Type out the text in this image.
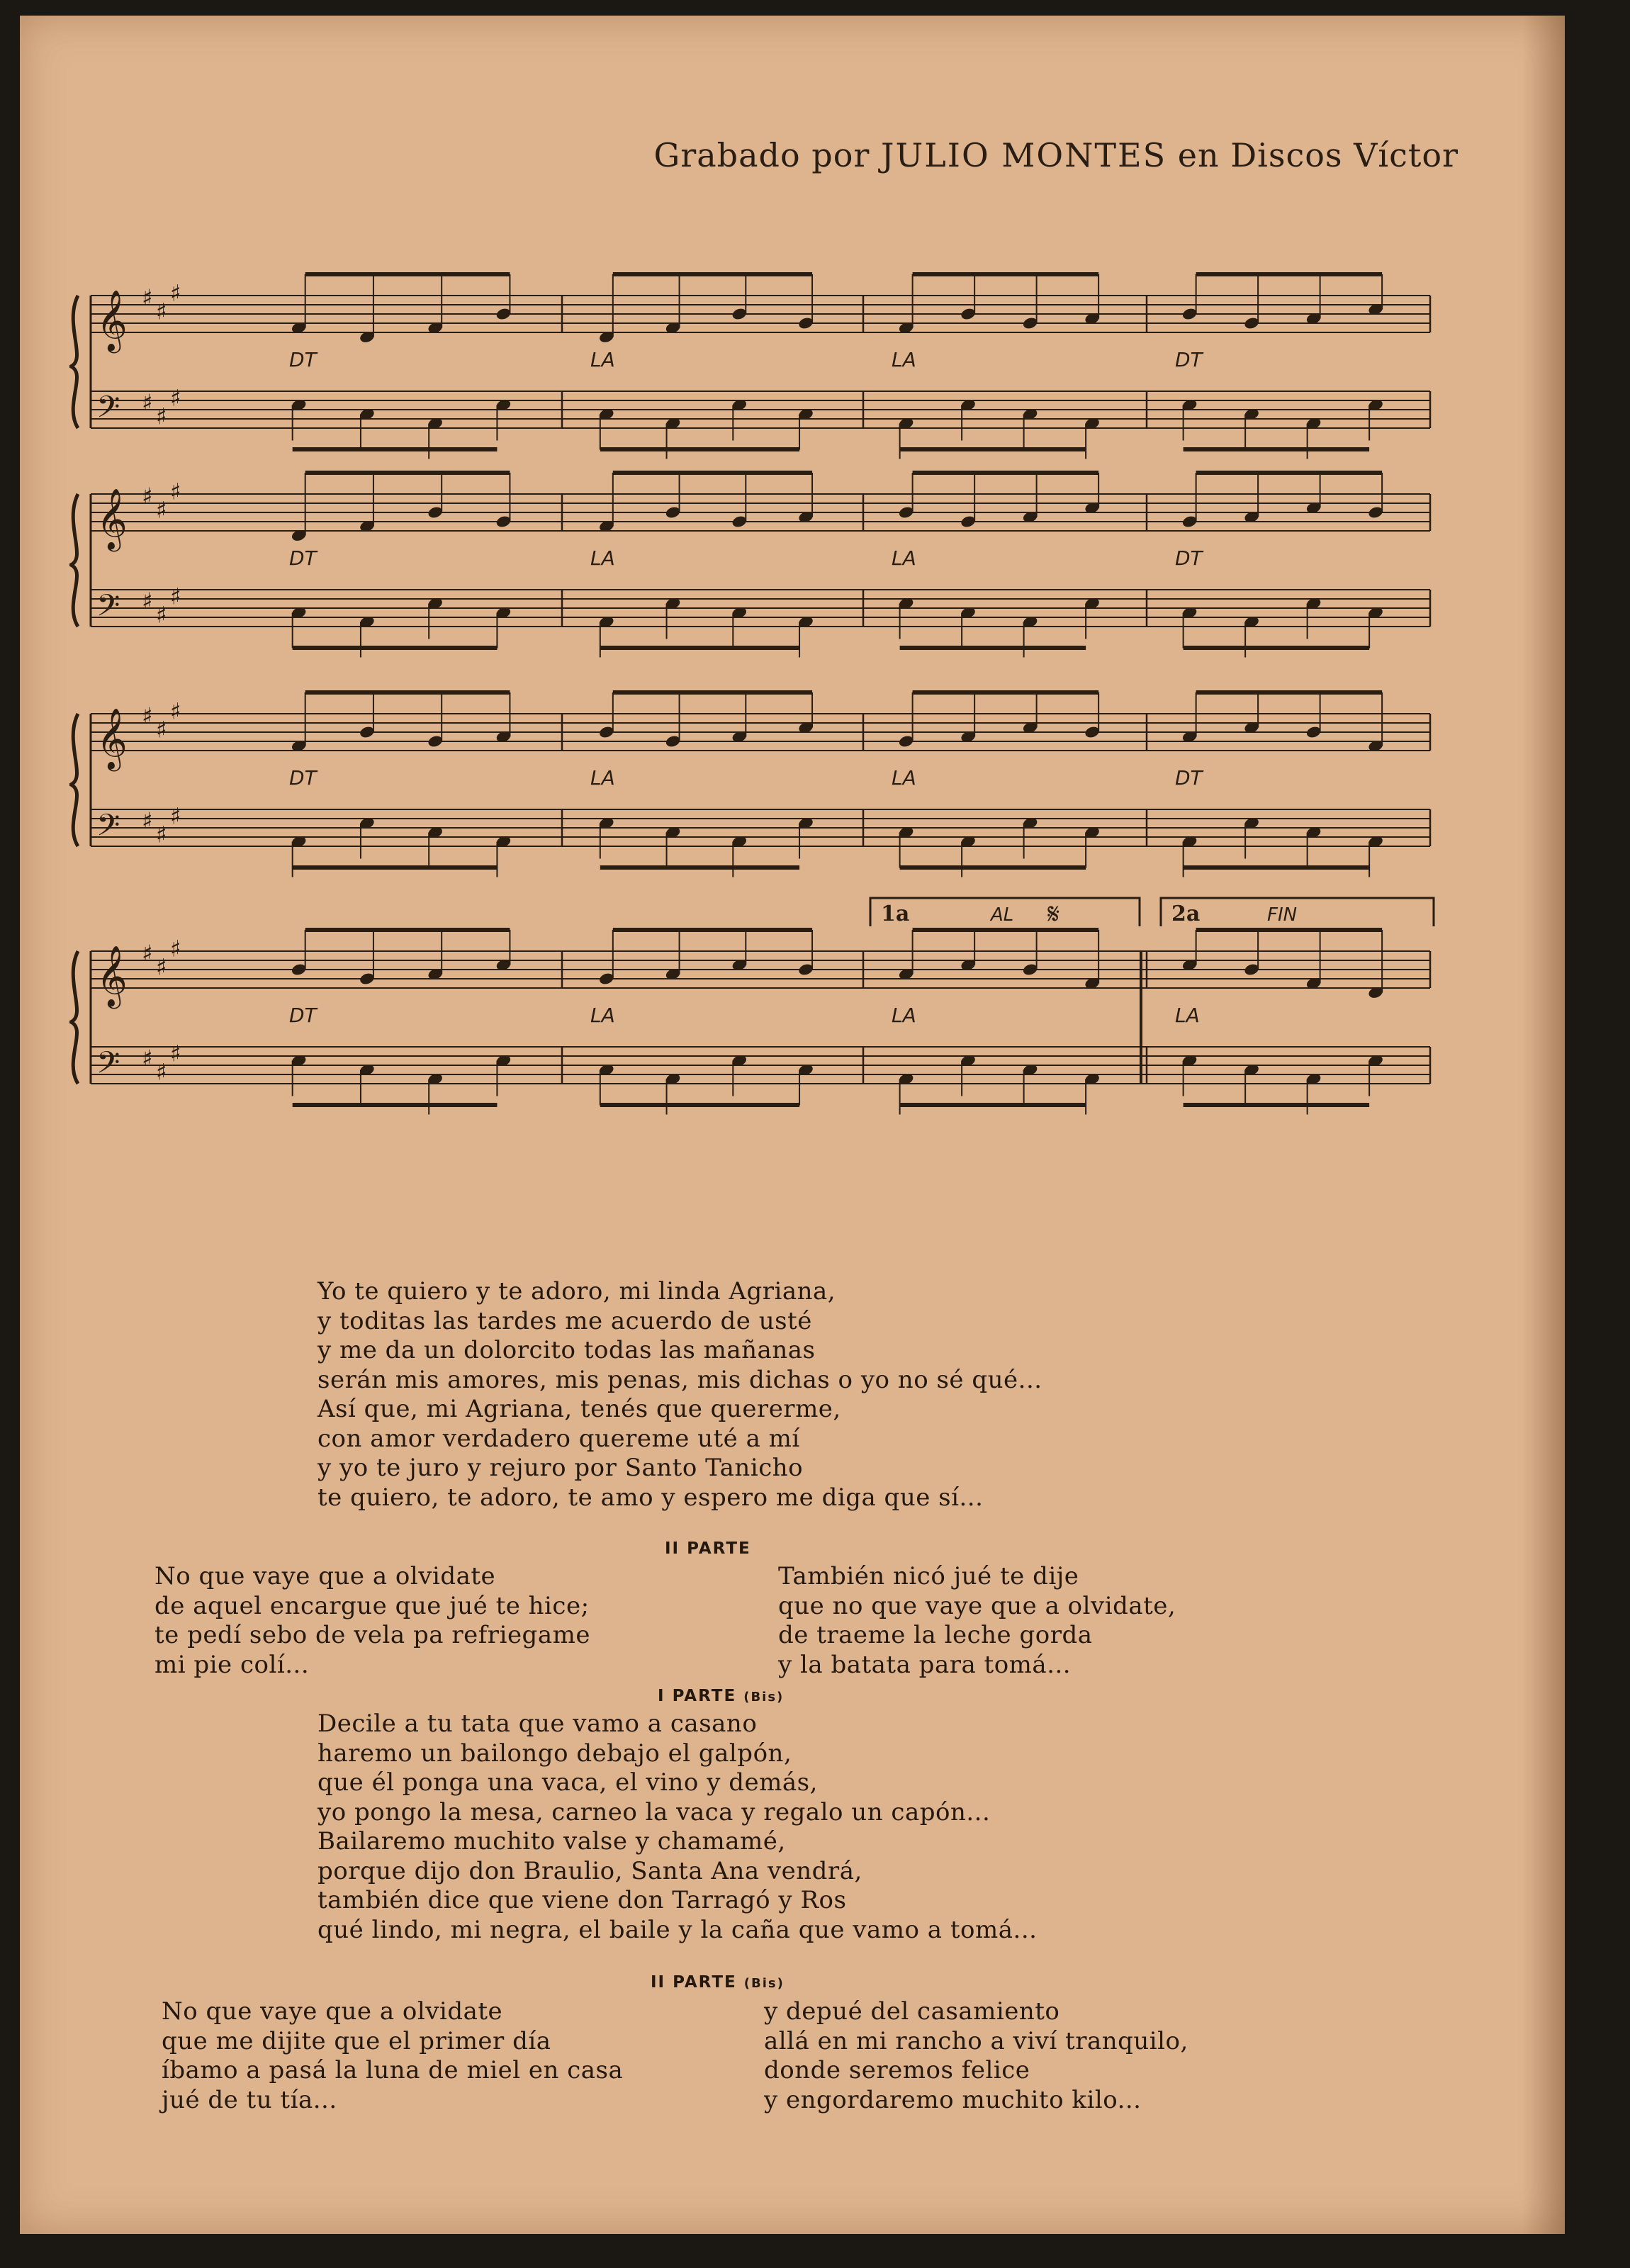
Grabado por JULIO MONTES en Discos Víctor
𝄞 ♯
♯
♯
𝄢 ♯
♯
♯
DT	LA	LA	DT
𝄞 ♯
♯
♯
𝄢 ♯
♯
♯
DT	LA	LA	DT
𝄞 ♯
♯
♯
𝄢 ♯
♯
♯
DT	LA	LA	DT
𝄞 ♯
♯
♯
𝄢 ♯
♯
♯
DT	LA	LA	LA
1a	AL 𝄋	2a	FIN
Yo te quiero y te adoro, mi linda Agriana,
y toditas las tardes me acuerdo de usté
y me da un dolorcito todas las mañanas
serán mis amores, mis penas, mis dichas o yo no sé qué...
Así que, mi Agriana, tenés que quererme,
con amor verdadero quereme uté a mí
y yo te juro y rejuro por Santo Tanicho
te quiero, te adoro, te amo y espero me diga que sí...
II PARTE
No que vaye que a olvidate
de aquel encargue que jué te hice;
te pedí sebo de vela pa refriegame
mi pie colí...
También nicó jué te dije
que no que vaye que a olvidate,
de traeme la leche gorda
y la batata para tomá...
I PARTE (Bis)
Decile a tu tata que vamo a casano
haremo un bailongo debajo el galpón,
que él ponga una vaca, el vino y demás,
yo pongo la mesa, carneo la vaca y regalo un capón...
Bailaremo muchito valse y chamamé,
porque dijo don Braulio, Santa Ana vendrá,
también dice que viene don Tarragó y Ros
qué lindo, mi negra, el baile y la caña que vamo a tomá...
II PARTE (Bis)
No que vaye que a olvidate
que me dijite que el primer día
íbamo a pasá la luna de miel en casa
jué de tu tía...
y depué del casamiento
allá en mi rancho a viví tranquilo,
donde seremos felice
y engordaremo muchito kilo...
